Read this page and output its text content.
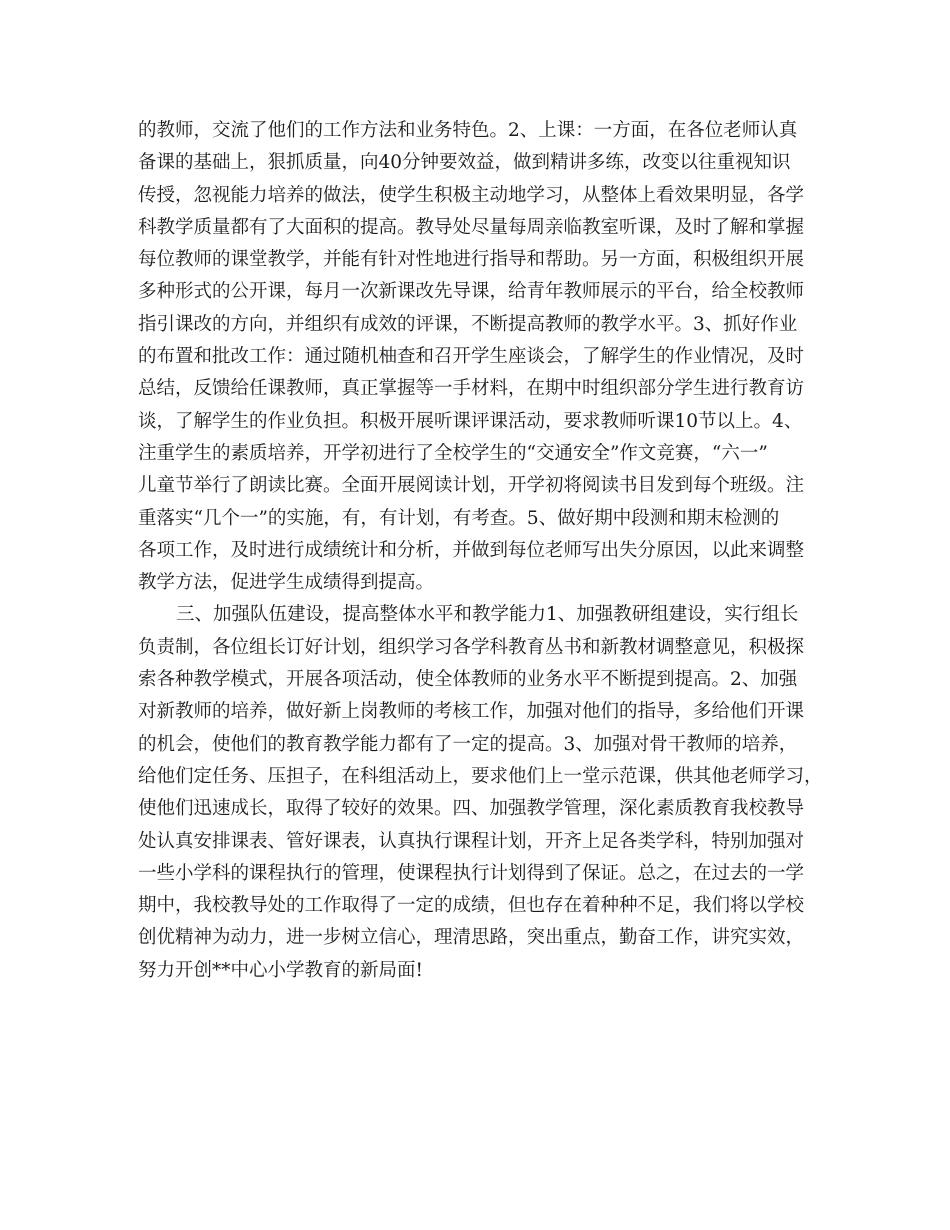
的教师，交流了他们的工作方法和业务特色。2、上课：一方面，在各位老师认真
备课的基础上，狠抓质量，向40分钟要效益，做到精讲多练，改变以往重视知识
传授，忽视能力培养的做法，使学生积极主动地学习，从整体上看效果明显，各学
科教学质量都有了大面积的提高。教导处尽量每周亲临教室听课，及时了解和掌握
每位教师的课堂教学，并能有针对性地进行指导和帮助。另一方面，积极组织开展
多种形式的公开课，每月一次新课改先导课，给青年教师展示的平台，给全校教师
指引课改的方向，并组织有成效的评课，不断提高教师的教学水平。3、抓好作业
的布置和批改工作：通过随机柚查和召开学生座谈会，了解学生的作业情况，及时
总结，反馈给任课教师，真正掌握等一手材料，在期中时组织部分学生进行教育访
谈，了解学生的作业负担。积极开展听课评课活动，要求教师听课10节以上。4、
注重学生的素质培养，开学初进行了全校学生的“交通安全”作文竞赛，“六一”
儿童节举行了朗读比赛。全面开展阅读计划，开学初将阅读书目发到每个班级。注
重落实“几个一”的实施，有，有计划，有考查。5、做好期中段测和期末检测的
各项工作，及时进行成绩统计和分析，并做到每位老师写出失分原因，以此来调整
教学方法，促进学生成绩得到提高。
三、加强队伍建设，提高整体水平和教学能力1、加强教研组建设，实行组长
负责制，各位组长订好计划，组织学习各学科教育丛书和新教材调整意见，积极探
索各种教学模式，开展各项活动，使全体教师的业务水平不断提到提高。2、加强
对新教师的培养，做好新上岗教师的考核工作，加强对他们的指导，多给他们开课
的机会，使他们的教育教学能力都有了一定的提高。3、加强对骨干教师的培养，
给他们定任务、压担子，在科组活动上，要求他们上一堂示范课，供其他老师学习，
使他们迅速成长，取得了较好的效果。四、加强教学管理，深化素质教育我校教导
处认真安排课表、管好课表，认真执行课程计划，开齐上足各类学科，特别加强对
一些小学科的课程执行的管理，使课程执行计划得到了保证。总之，在过去的一学
期中，我校教导处的工作取得了一定的成绩，但也存在着种种不足，我们将以学校
创优精神为动力，进一步树立信心，理清思路，突出重点，勤奋工作，讲究实效，
努力开创**中心小学教育的新局面!
